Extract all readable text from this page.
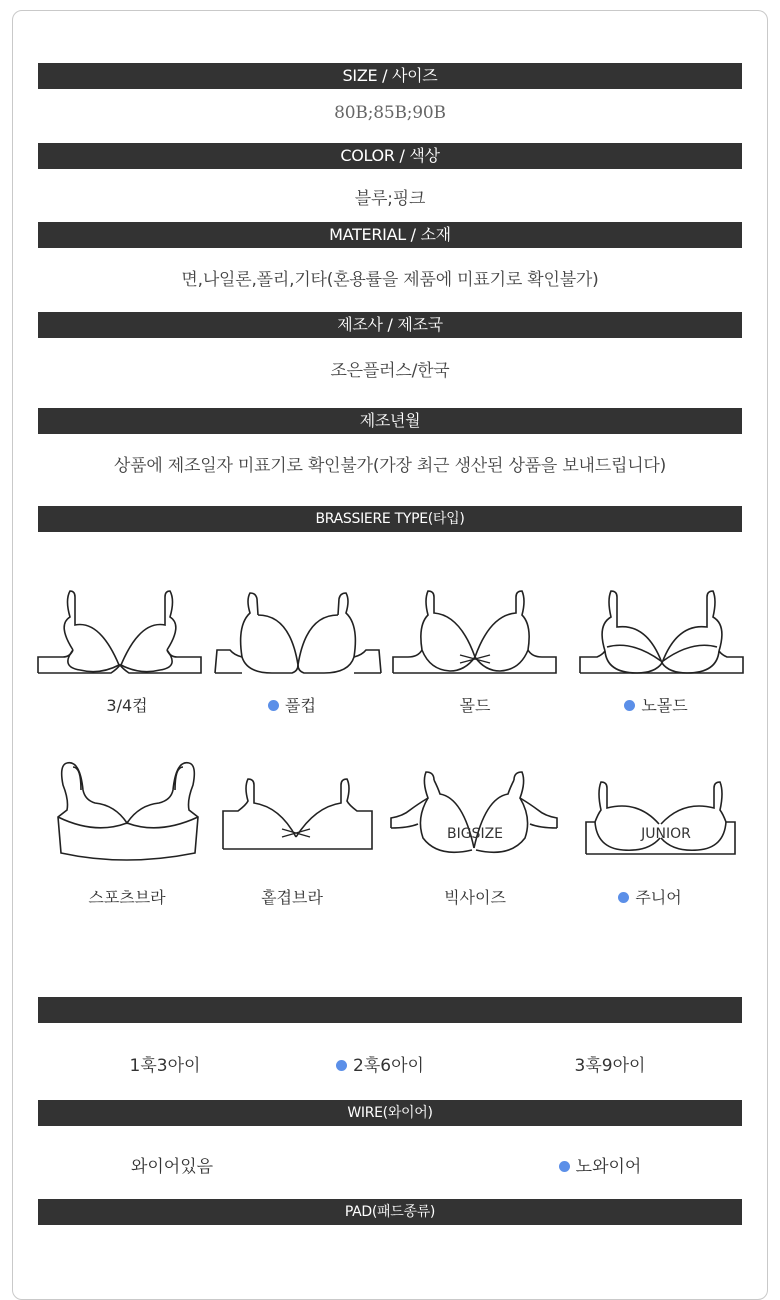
SIZE / 사이즈
80B;85B;90B
COLOR / 색상
블루;핑크
MATERIAL / 소재
면,나일론,폴리,기타(혼용률을 제품에 미표기로 확인불가)
제조사 / 제조국
조은플러스/한국
제조년월
상품에 제조일자 미표기로 확인불가(가장 최근 생산된 상품을 보내드립니다)
BRASSIERE TYPE(타입)
3/4컵	풀컵	몰드	노몰드
BIGSIZE	JUNIOR
스포츠브라	홑겹브라	빅사이즈	주니어
1훅3아이	2훅6아이	3훅9아이
WIRE(와이어)
와이어있음	노와이어
PAD(패드종류)
